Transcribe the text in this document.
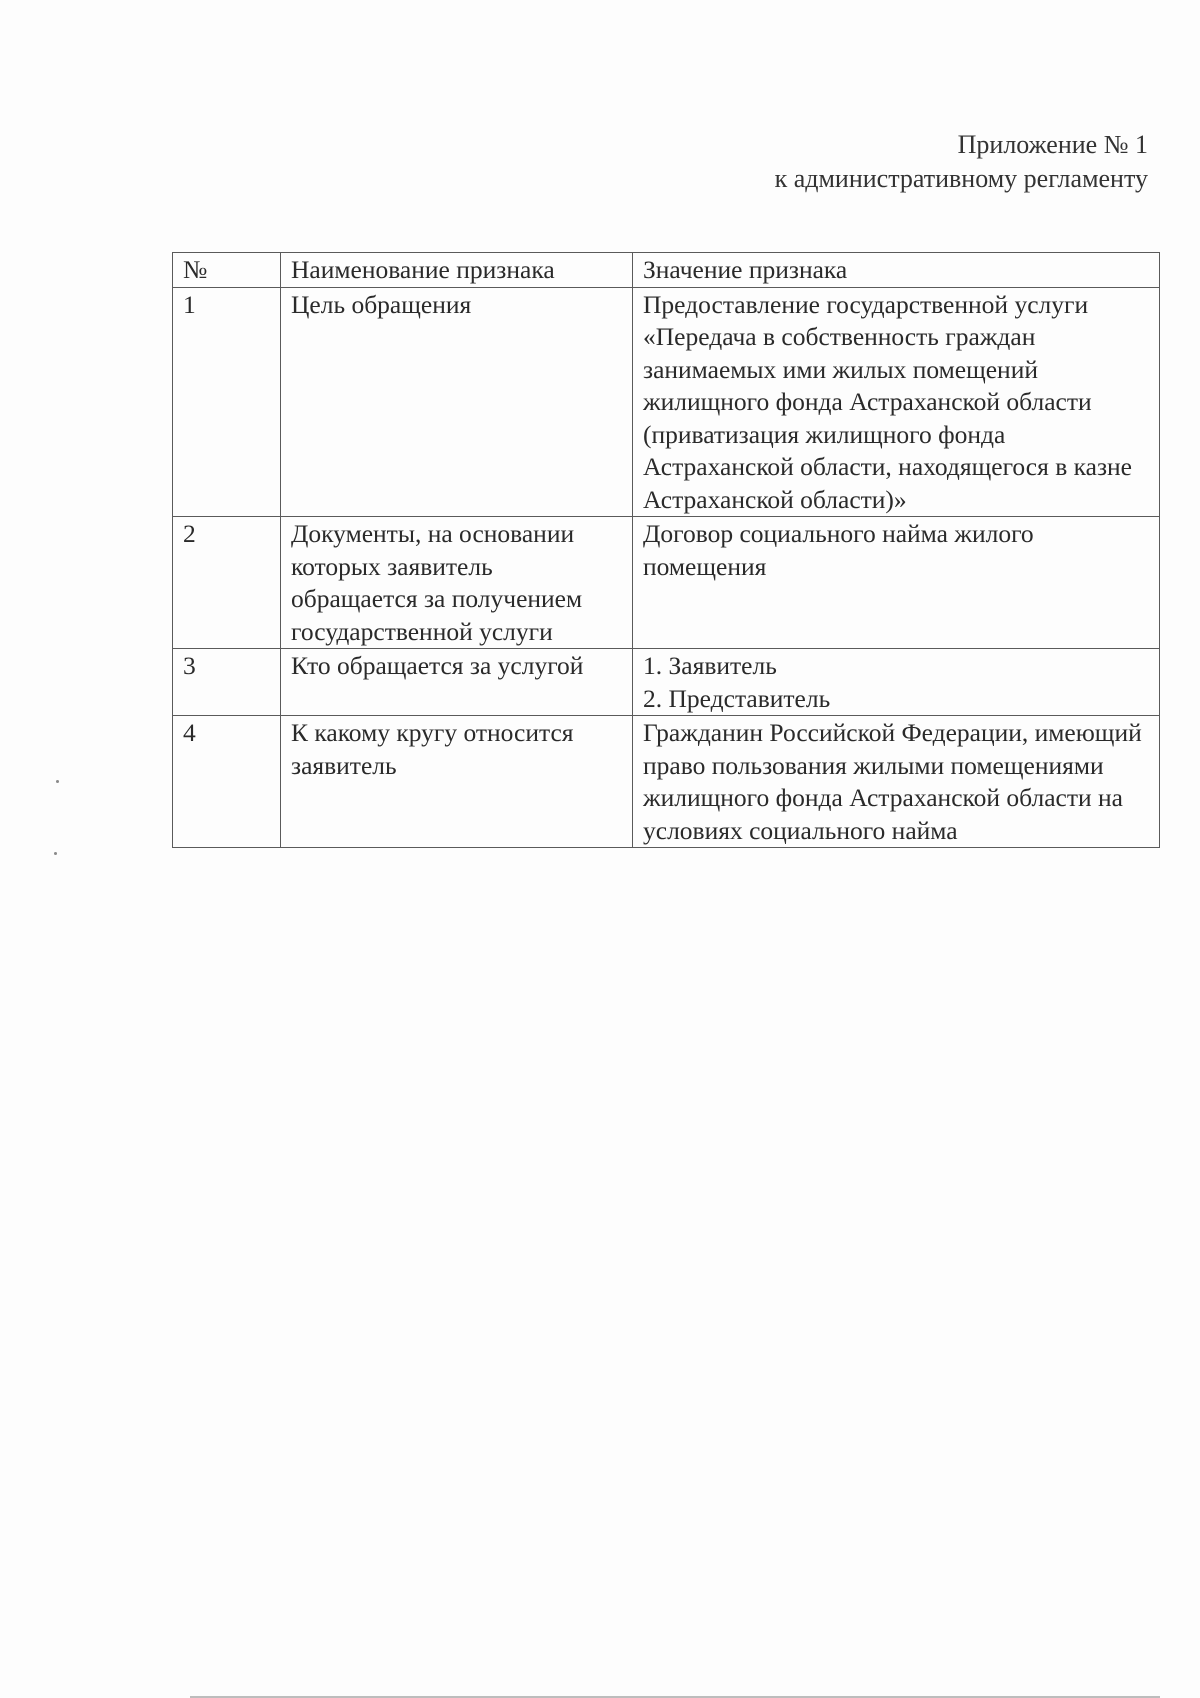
Приложение № 1
к административному регламенту
№	Наименование признака	Значение признака
1	Цель обращения	Предоставление государственной услуги «Передача в собственность граждан занимаемых ими жилых помещений жилищного фонда Астраханской области (приватизация жилищного фонда Астраханской области, находящегося в казне Астраханской области)»
2	Документы, на основании которых заявитель обращается за получением государственной услуги	Договор социального найма жилого помещения
3	Кто обращается за услугой	1. Заявитель
2. Представитель

4	К какому кругу относится заявитель	Гражданин Российской Федерации, имеющий право пользования жилыми помещениями жилищного фонда Астраханской области на условиях социального найма
